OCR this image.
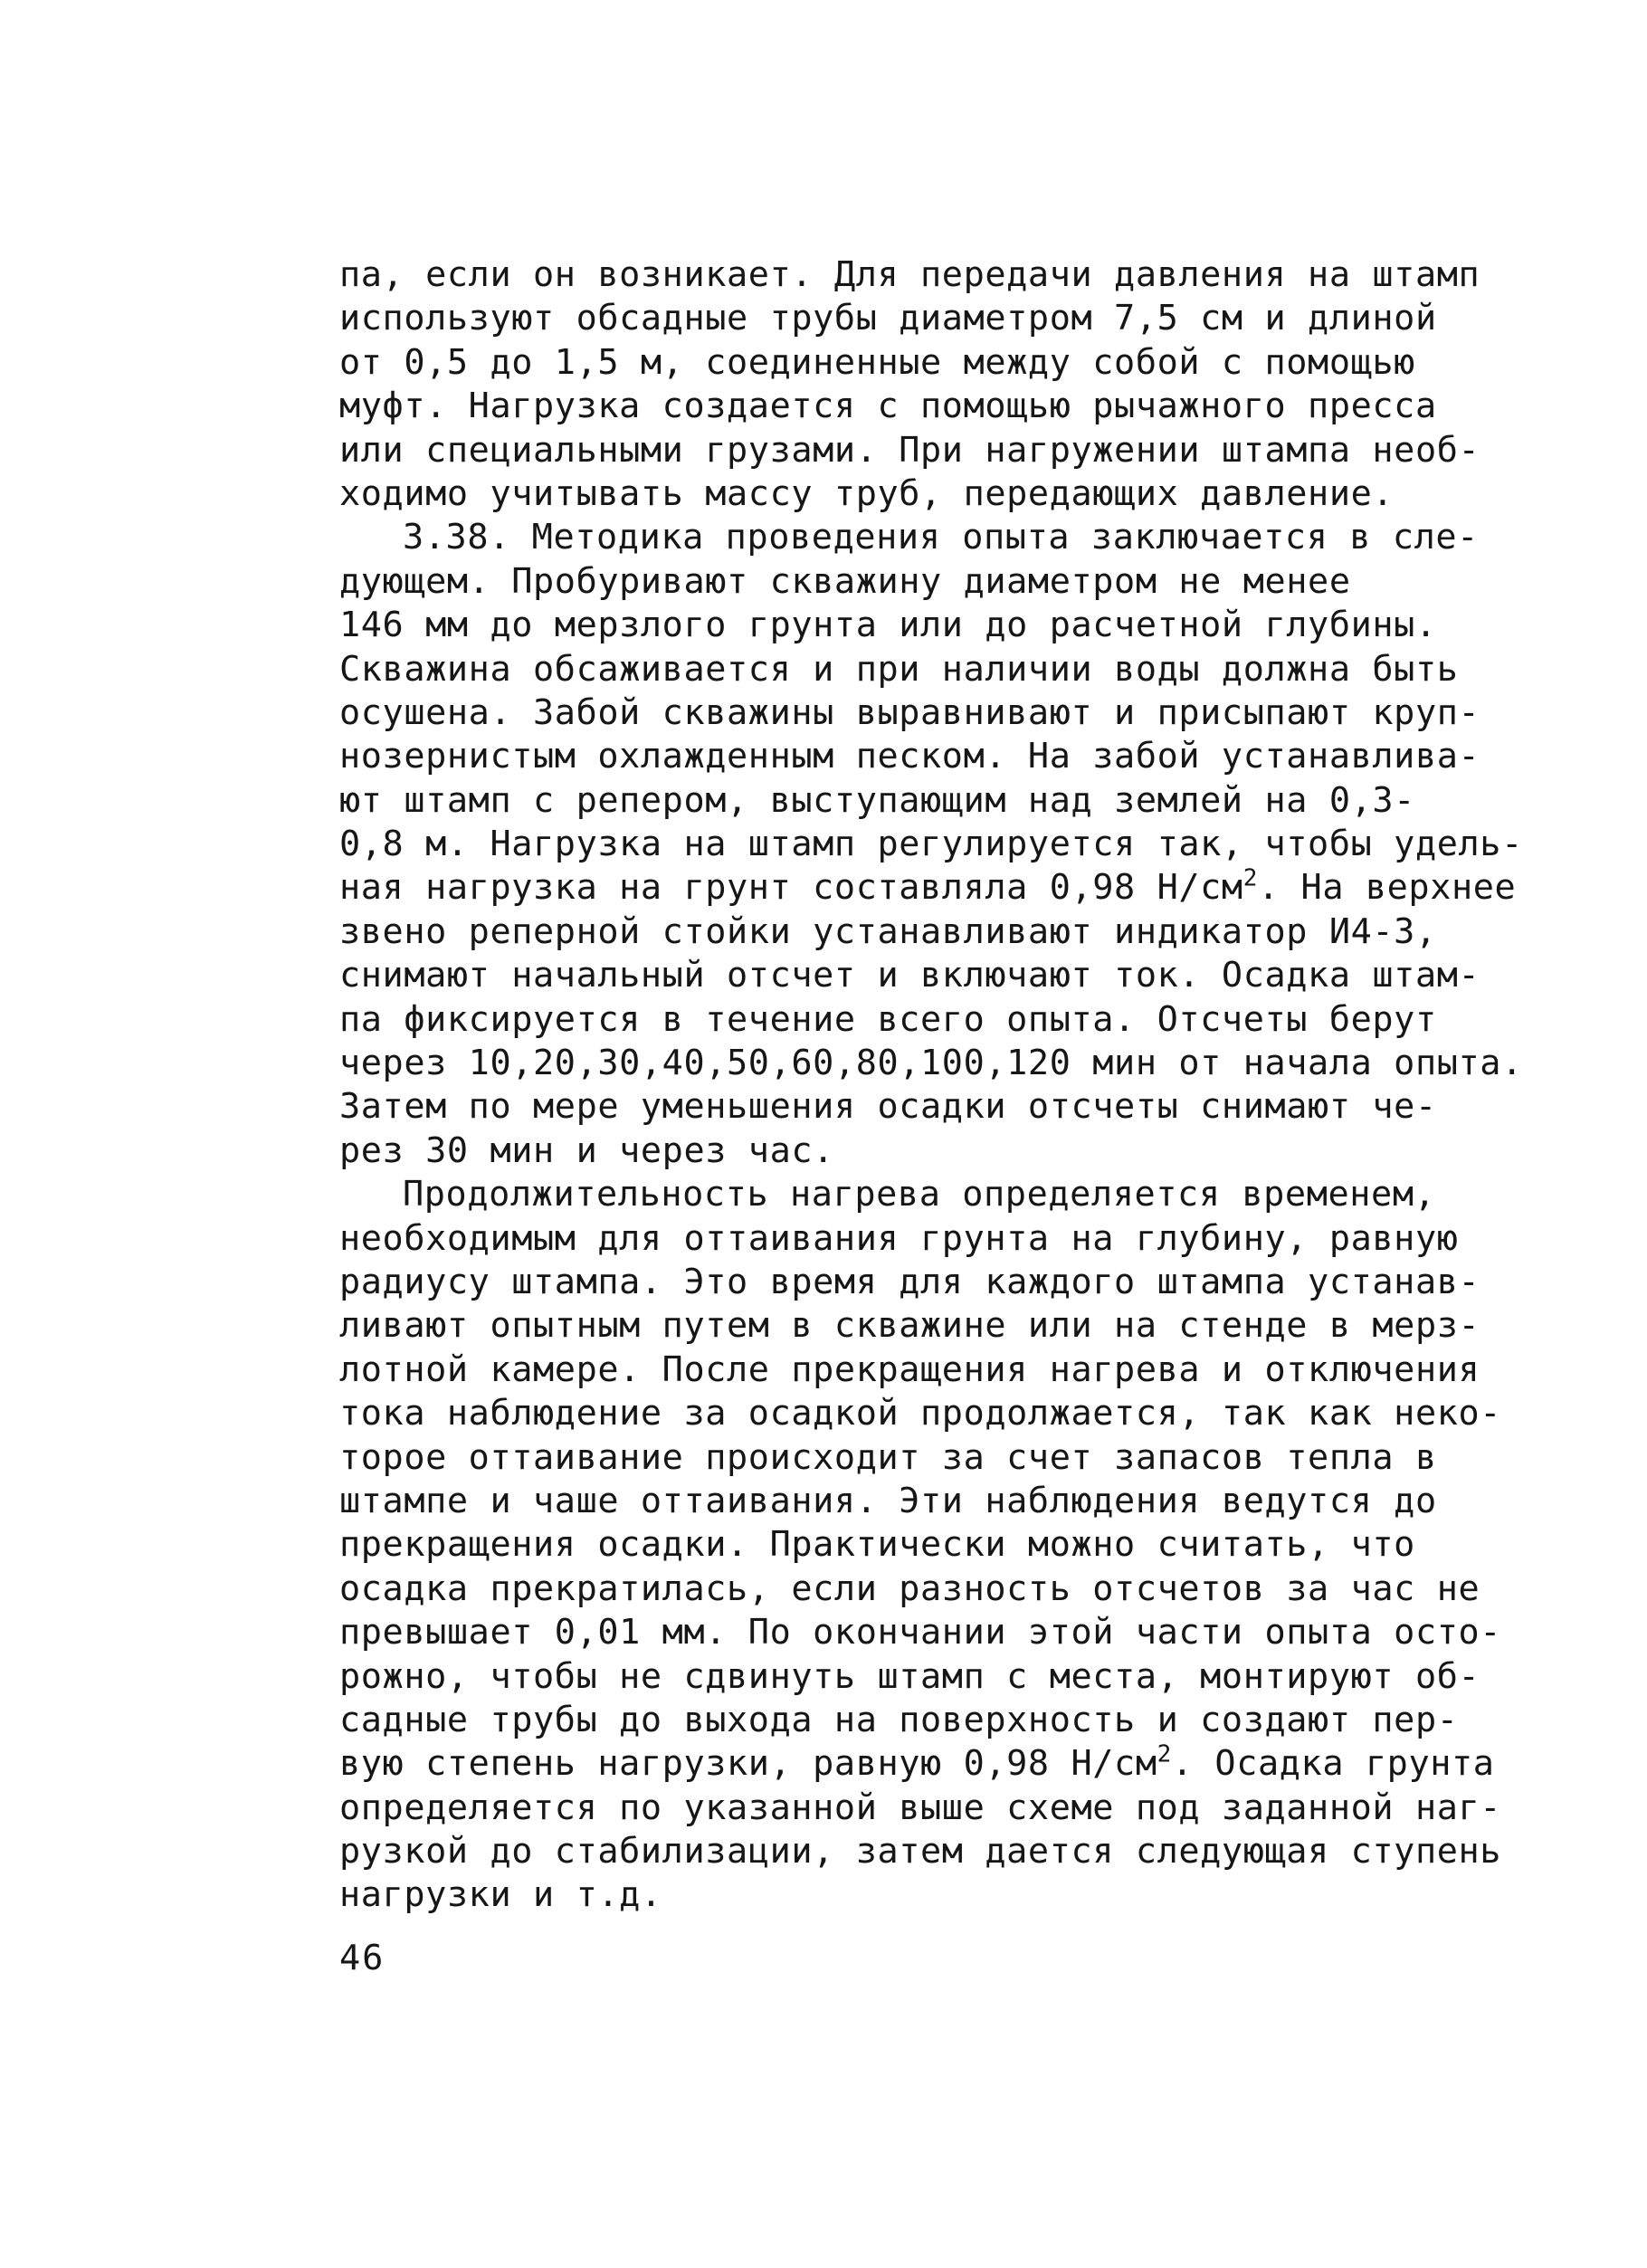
па, если он возникает. Для передачи давления на штамп
используют обсадные трубы диаметром 7,5 см и длиной
от 0,5 до 1,5 м, соединенные между собой с помощью
муфт. Нагрузка создается с помощью рычажного пресса
или специальными грузами. При нагружении штампа необ-
ходимо учитывать массу труб, передающих давление.
3.38. Методика проведения опыта заключается в сле-
дующем. Пробуривают скважину диаметром не менее
146 мм до мерзлого грунта или до расчетной глубины.
Скважина обсаживается и при наличии воды должна быть
осушена. Забой скважины выравнивают и присыпают круп-
нозернистым охлажденным песком. На забой устанавлива-
ют штамп с репером, выступающим над землей на 0,3-
0,8 м. Нагрузка на штамп регулируется так, чтобы удель-
ная нагрузка на грунт составляла 0,98 $Н/см^2$. На верхнее
звено реперной стойки устанавливают индикатор И4-3,
снимают начальный отсчет и включают ток. Осадка штам-
па фиксируется в течение всего опыта. Отсчеты берут
через 10,20,30,40,50,60,80,100,120 мин от начала опыта.
Затем по мере уменьшения осадки отсчеты снимают че-
рез 30 мин и через час.
Продолжительность нагрева определяется временем,
необходимым для оттаивания грунта на глубину, равную
радиусу штампа. Это время для каждого штампа устанав-
ливают опытным путем в скважине или на стенде в мерз-
лотной камере. После прекращения нагрева и отключения
тока наблюдение за осадкой продолжается, так как неко-
торое оттаивание происходит за счет запасов тепла в
штампе и чаше оттаивания. Эти наблюдения ведутся до
прекращения осадки. Практически можно считать, что
осадка прекратилась, если разность отсчетов за час не
превышает 0,01 мм. По окончании этой части опыта осто-
рожно, чтобы не сдвинуть штамп с места, монтируют об-
садные трубы до выхода на поверхность и создают пер-
вую степень нагрузки, равную 0,98 $Н/см^2$. Осадка грунта
определяется по указанной выше схеме под заданной наг-
рузкой до стабилизации, затем дается следующая ступень
нагрузки и т.д.
46
